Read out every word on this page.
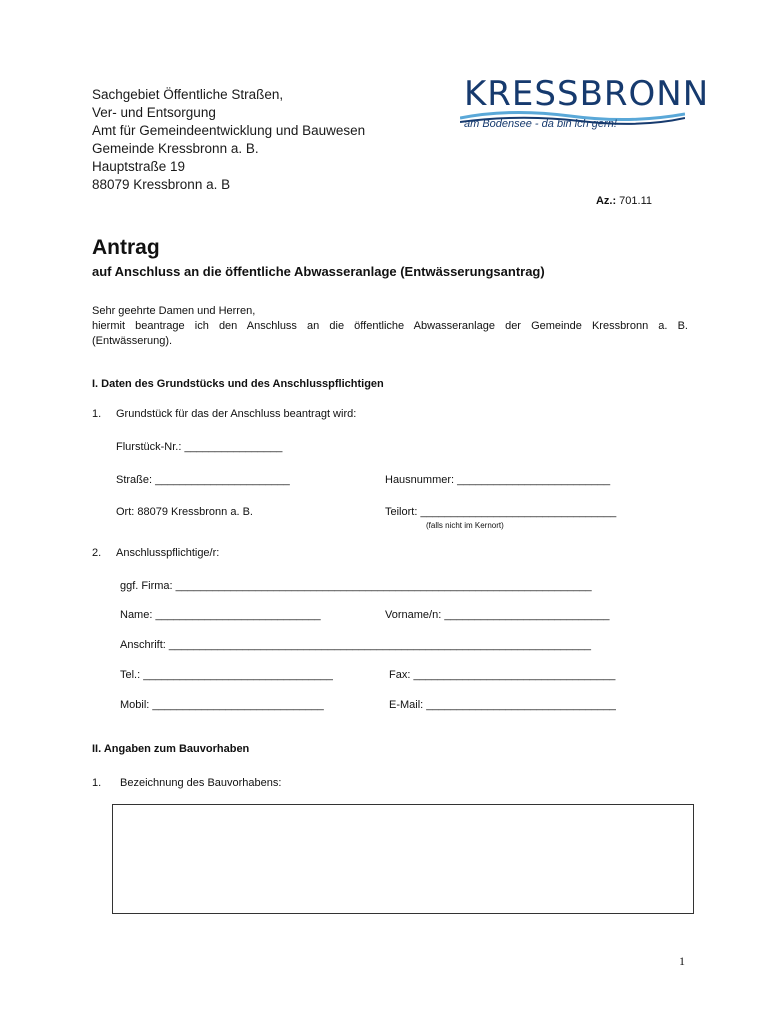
Sachgebiet Öffentliche Straßen,
Ver- und Entsorgung
Amt für Gemeindeentwicklung und Bauwesen
Gemeinde Kressbronn a. B.
Hauptstraße 19
88079 Kressbronn a. B
KRESSBRONN
am Bodensee - da bin ich gern!
Az.: 701.11
Antrag
auf Anschluss an die öffentliche Abwasseranlage (Entwässerungsantrag)
Sehr geehrte Damen und Herren,
hiermit beantrage ich den Anschluss an die öffentliche Abwasseranlage der Gemeinde Kressbronn a. B.
(Entwässerung).
I. Daten des Grundstücks und des Anschlusspflichtigen
1. Grundstück für das der Anschluss beantragt wird:
Flurstück-Nr.: ________________
Straße: ______________________	Hausnummer: _________________________
Ort: 88079 Kressbronn a. B.	Teilort: ________________________________
(falls nicht im Kernort)
2. Anschlusspflichtige/r:
ggf. Firma: ____________________________________________________________________
Name: ___________________________	Vorname/n: ___________________________
Anschrift: _____________________________________________________________________
Tel.: _______________________________	Fax: _________________________________
Mobil: ____________________________	E-Mail: _______________________________
II. Angaben zum Bauvorhaben
1. Bezeichnung des Bauvorhabens:
1
